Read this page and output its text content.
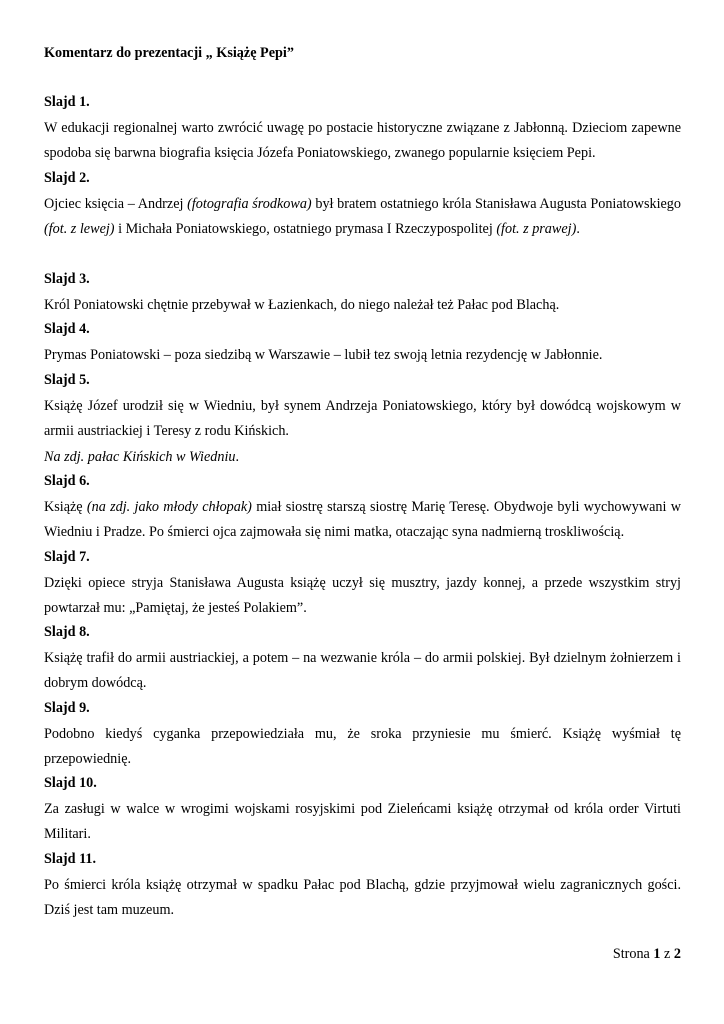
Komentarz do prezentacji „ Książę Pepi”
Slajd 1.
W edukacji regionalnej warto zwrócić uwagę po postacie historyczne związane z Jabłonną. Dzieciom zapewne spodoba się barwna biografia księcia Józefa Poniatowskiego, zwanego popularnie księciem Pepi.
Slajd 2.
Ojciec księcia – Andrzej (fotografia środkowa) był bratem ostatniego króla Stanisława Augusta Poniatowskiego (fot. z lewej) i Michała Poniatowskiego, ostatniego prymasa I Rzeczypospolitej (fot. z prawej).
Slajd 3.
Król Poniatowski chętnie przebywał w Łazienkach, do niego należał też Pałac pod Blachą.
Slajd 4.
Prymas Poniatowski – poza siedzibą w Warszawie – lubił tez swoją letnia rezydencję w Jabłonnie.
Slajd 5.
Książę Józef urodził się w Wiedniu, był synem Andrzeja Poniatowskiego, który był dowódcą wojskowym w armii austriackiej i Teresy z rodu Kińskich.
Na zdj. pałac Kińskich w Wiedniu.
Slajd 6.
Książę (na zdj. jako młody chłopak) miał siostrę starszą siostrę Marię Teresę. Obydwoje byli wychowywani w Wiedniu i Pradze. Po śmierci ojca zajmowała się nimi matka, otaczając syna nadmierną troskliwością.
Slajd 7.
Dzięki opiece stryja Stanisława Augusta książę uczył się musztry, jazdy konnej, a przede wszystkim stryj powtarzał mu: „Pamiętaj, że jesteś Polakiem”.
Slajd 8.
Książę trafił do armii austriackiej, a potem – na wezwanie króla – do armii polskiej. Był dzielnym żołnierzem i dobrym dowódcą.
Slajd 9.
Podobno kiedyś cyganka przepowiedziała mu, że sroka przyniesie mu śmierć. Książę wyśmiał tę przepowiednię.
Slajd 10.
Za zasługi w walce w wrogimi wojskami rosyjskimi pod Zieleńcami książę otrzymał od króla order Virtuti Militari.
Slajd 11.
Po śmierci króla książę otrzymał w spadku Pałac pod Blachą, gdzie przyjmował wielu zagranicznych gości. Dziś jest tam muzeum.
Strona 1 z 2
